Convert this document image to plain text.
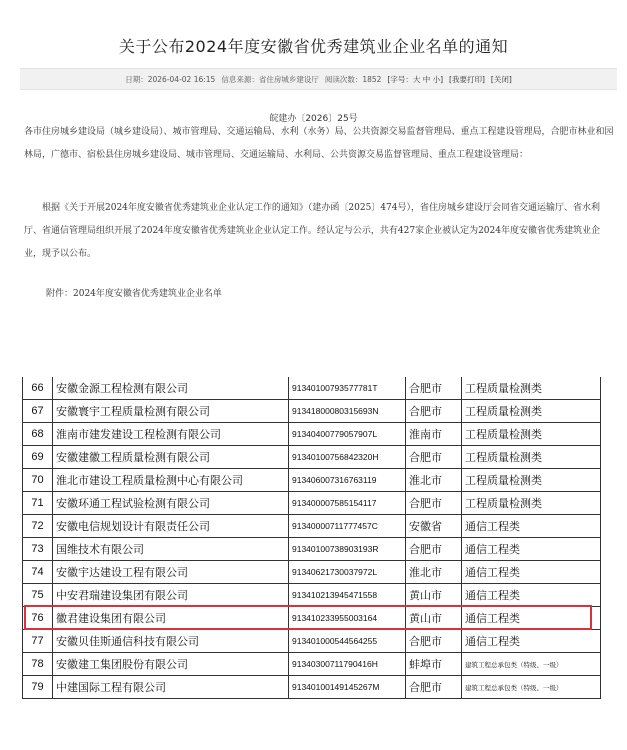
关于公布2024年度安徽省优秀建筑业企业名单的通知
日期：2026-04-02 16:15 信息来源：省住房城乡建设厅 阅读次数：1852 [字号：大 中 小] [我要打印] [关闭]
皖建办〔2026〕25号
各市住房城乡建设局（城乡建设局）、城市管理局、交通运输局、水利（水务）局、公共资源交易监督管理局、重点工程建设管理局，合肥市林业和园林局，广德市、宿松县住房城乡建设局、城市管理局、交通运输局、水利局、公共资源交易监督管理局、重点工程建设管理局：
根据《关于开展2024年度安徽省优秀建筑业企业认定工作的通知》（建办函〔2025〕474号），省住房城乡建设厅会同省交通运输厅、省水利厅、省通信管理局组织开展了2024年度安徽省优秀建筑业企业认定工作。经认定与公示，共有427家企业被认定为2024年度安徽省优秀建筑业企业，现予以公布。
附件：2024年度安徽省优秀建筑业企业名单
66	安徽金源工程检测有限公司	91340100793577781T	合肥市	工程质量检测类
67	安徽寰宇工程质量检测有限公司	91341800080315693N	合肥市	工程质量检测类
68	淮南市建发建设工程检测有限公司	91340400779057907L	淮南市	工程质量检测类
69	安徽建徽工程质量检测有限公司	91340100756842320H	合肥市	工程质量检测类
70	淮北市建设工程质量检测中心有限公司	91340600731676311​9	淮北市	工程质量检测类
71	安徽环通工程试验检测有限公司	91340000758515411​7	合肥市	工程质量检测类
72	安徽电信规划设计有限责任公司	913400007117774​57C	安徽省	通信工程类
73	国维技术有限公司	91340100738903193R	合肥市	通信工程类
74	安徽宇达建设工程有限公司	91340621730037972L	淮北市	通信工程类
75	中安君瑞建设集团有限公司	913410213945471558	黄山市	通信工程类
76	徽君建设集团有限公司	913410233955003164	黄山市	通信工程类
77	安徽贝佳斯通信科技有限公司	91340100054456425​5	合肥市	通信工程类
78	安徽建工集团股份有限公司	91340300711790416H	蚌埠市	建筑工程总承包类（特级、一级）
79	中建国际工程有限公司	91340100149145267M	合肥市	建筑工程总承包类（特级、一级）
